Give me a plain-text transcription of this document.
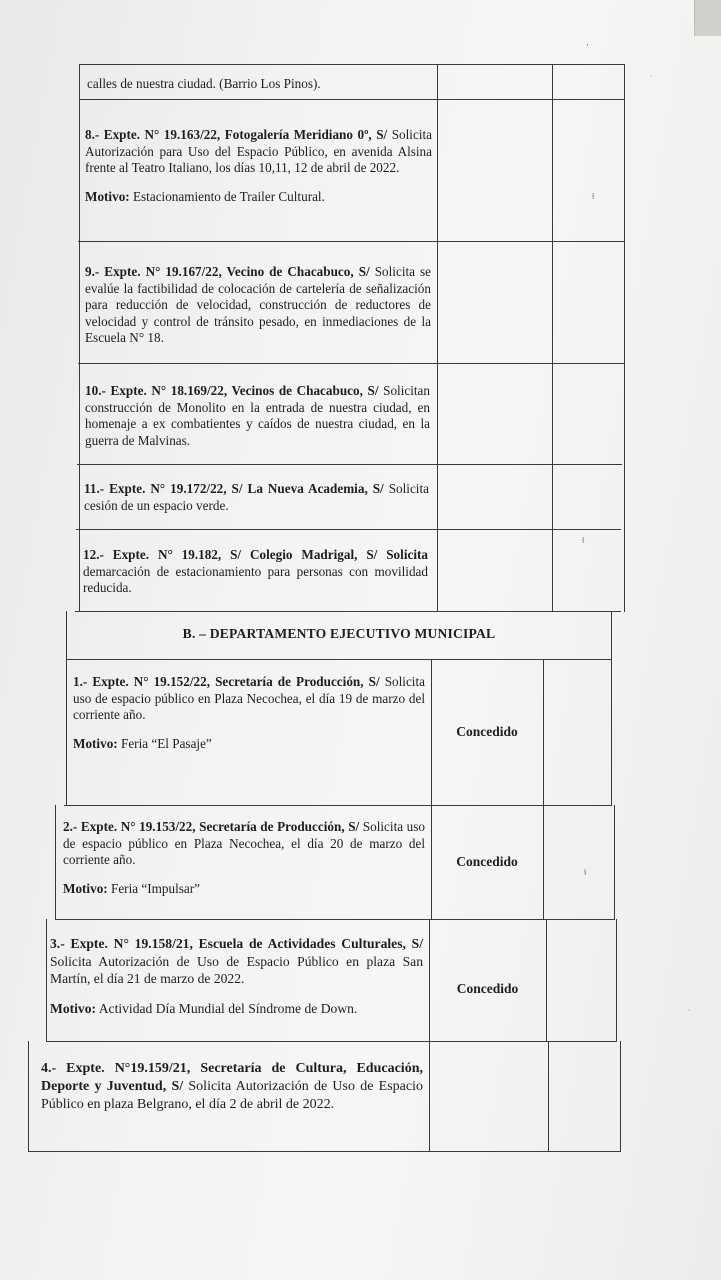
·
calles de nuestra ciudad. (Barrio Los Pinos).
8.- Expte. N° 19.163/22, Fotogalería Meridiano 0º, S/ Solicita Autorización para Uso del Espacio Público, en avenida Alsina frente al Teatro Italiano, los días 10,11, 12 de abril de 2022.
Motivo: Estacionamiento de Trailer Cultural.
9.- Expte. N° 19.167/22, Vecino de Chacabuco, S/ Solicita se evalúe la factibilidad de colocación de cartelería de señalización para reducción de velocidad, construcción de reductores de velocidad y control de tránsito pesado, en inmediaciones de la Escuela N° 18.
10.- Expte. N° 18.169/22, Vecinos de Chacabuco, S/ Solicitan construcción de Monolito en la entrada de nuestra ciudad, en homenaje a ex combatientes y caídos de nuestra ciudad, en la guerra de Malvinas.
11.- Expte. N° 19.172/22, S/ La Nueva Academia, S/ Solicita cesión de un espacio verde.
12.- Expte. N° 19.182, S/ Colegio Madrigal, S/ Solicita demarcación de estacionamiento para personas con movilidad reducida.
B. – DEPARTAMENTO EJECUTIVO MUNICIPAL
1.- Expte. N° 19.152/22, Secretaría de Producción, S/ Solicita uso de espacio público en Plaza Necochea, el día 19 de marzo del corriente año.
Motivo: Feria “El Pasaje”
Concedido
2.- Expte. N° 19.153/22, Secretaría de Producción, S/ Solicita uso de espacio público en Plaza Necochea, el día 20 de marzo del corriente año.
Motivo: Feria “Impulsar”
Concedido
3.- Expte. N° 19.158/21, Escuela de Actividades Culturales, S/ Solicita Autorización de Uso de Espacio Público en plaza San Martín, el día 21 de marzo de 2022.
Motivo: Actividad Día Mundial del Síndrome de Down.
Concedido
4.- Expte. N°19.159/21, Secretaría de Cultura, Educación, Deporte y Juventud, S/ Solicita Autorización de Uso de Espacio Público en plaza Belgrano, el día 2 de abril de 2022.
ɫ
ɫ
ɫ
·
·
